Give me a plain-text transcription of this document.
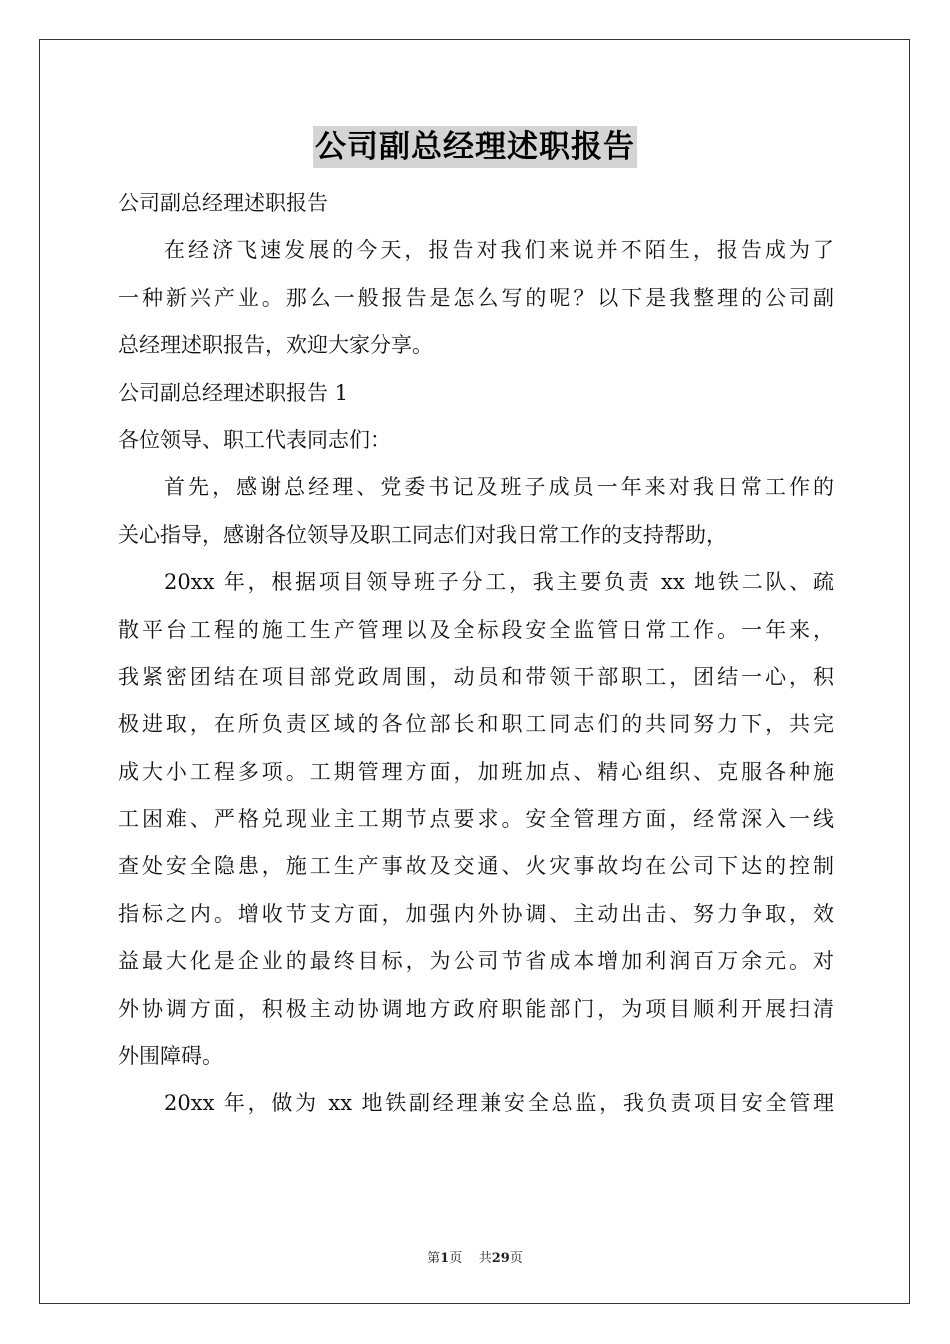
公司副总经理述职报告
公司副总经理述职报告
在经济飞速发展的今天，报告对我们来说并不陌生，报告成为了
一种新兴产业。那么一般报告是怎么写的呢？以下是我整理的公司副
总经理述职报告，欢迎大家分享。
公司副总经理述职报告 1
各位领导、职工代表同志们：
首先，感谢总经理、党委书记及班子成员一年来对我日常工作的
关心指导，感谢各位领导及职工同志们对我日常工作的支持帮助，
20xx 年，根据项目领导班子分工，我主要负责 xx 地铁二队、疏
散平台工程的施工生产管理以及全标段安全监管日常工作。一年来，
我紧密团结在项目部党政周围，动员和带领干部职工，团结一心，积
极进取，在所负责区域的各位部长和职工同志们的共同努力下，共完
成大小工程多项。工期管理方面，加班加点、精心组织、克服各种施
工困难、严格兑现业主工期节点要求。安全管理方面，经常深入一线
查处安全隐患，施工生产事故及交通、火灾事故均在公司下达的控制
指标之内。增收节支方面，加强内外协调、主动出击、努力争取，效
益最大化是企业的最终目标，为公司节省成本增加利润百万余元。对
外协调方面，积极主动协调地方政府职能部门，为项目顺利开展扫清
外围障碍。
20xx 年，做为 xx 地铁副经理兼安全总监，我负责项目安全管理
第1页 共29页
